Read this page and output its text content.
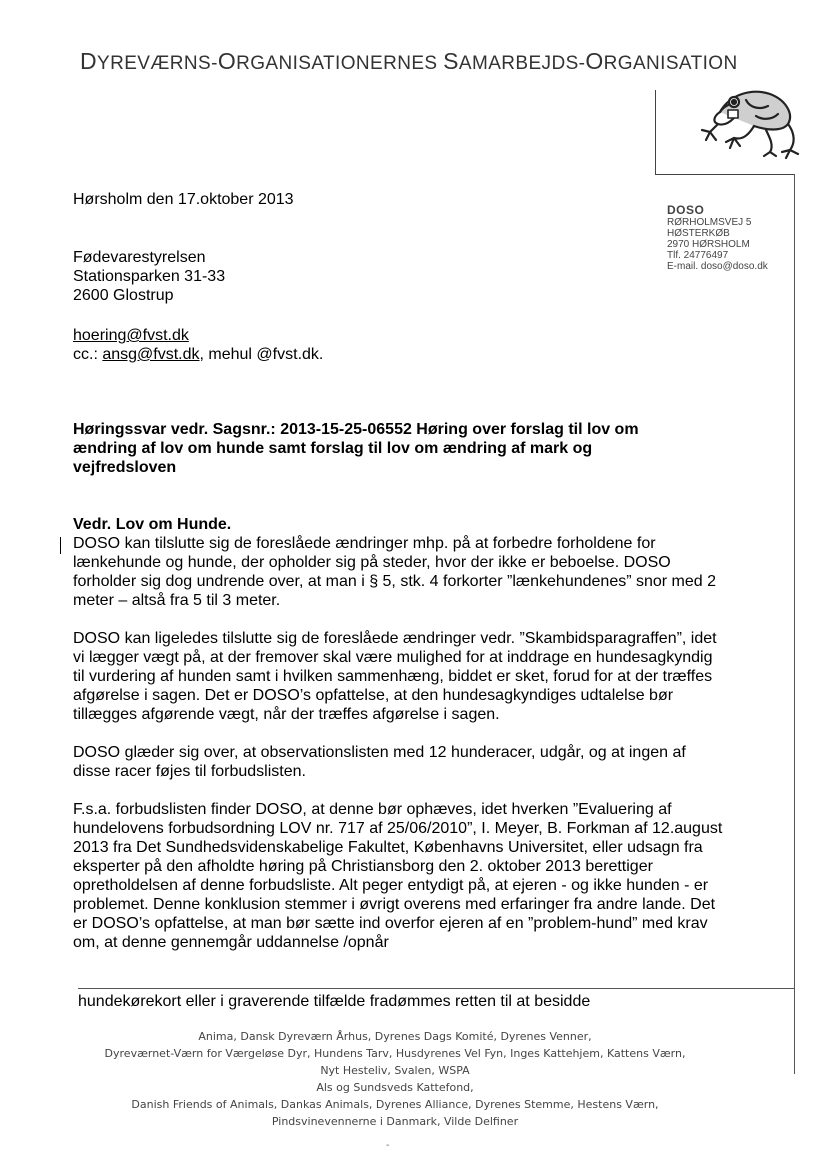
DYREVÆRNS-ORGANISATIONERNES SAMARBEJDS-ORGANISATION
DOSO
RØRHOLMSVEJ 5
HØSTERKØB
2970 HØRSHOLM
Tlf. 24776497
E-mail. doso@doso.dk
Hørsholm den 17.oktober 2013
Fødevarestyrelsen
Stationsparken 31-33
2600 Glostrup
hoering@fvst.dk
cc.: ansg@fvst.dk, mehul @fvst.dk.
Høringssvar vedr. Sagsnr.: 2013-15-25-06552 Høring over forslag til lov om ændring af lov om hunde samt forslag til lov om ændring af mark og vejfredsloven

Vedr. Lov om Hunde.

DOSO kan tilslutte sig de foreslåede ændringer mhp. på at forbedre forholdene for lænkehunde og hunde, der opholder sig på steder, hvor der ikke er beboelse. DOSO forholder sig dog undrende over, at man i § 5, stk. 4 forkorter ”lænkehundenes” snor med 2 meter – altså fra 5 til 3 meter.

DOSO kan ligeledes tilslutte sig de foreslåede ændringer vedr. ”Skambidsparagraffen”, idet vi lægger vægt på, at der fremover skal være mulighed for at inddrage en hundesagkyndig til vurdering af hunden samt i hvilken sammenhæng, biddet er sket, forud for at der træffes afgørelse i sagen. Det er DOSO’s opfattelse, at den hundesagkyndiges udtalelse bør tillægges afgørende vægt, når der træffes afgørelse i sagen.

DOSO glæder sig over, at observationslisten med 12 hunderacer, udgår, og at ingen af disse racer føjes til forbudslisten.

F.s.a. forbudslisten finder DOSO, at denne bør ophæves, idet hverken ”Evaluering af hundelovens forbudsordning LOV nr. 717 af 25/06/2010”, I. Meyer, B. Forkman af 12.august 2013 fra Det Sundhedsvidenskabelige Fakultet, Københavns Universitet, eller udsagn fra eksperter på den afholdte høring på Christiansborg den 2. oktober 2013 berettiger opretholdelsen af denne forbudsliste. Alt peger entydigt på, at ejeren - og ikke hunden - er problemet. Denne konklusion stemmer i øvrigt overens med erfaringer fra andre lande. Det er DOSO’s opfattelse, at man bør sætte ind overfor ejeren af en ”problem-hund” med krav om, at denne gennemgår uddannelse /opnår

hundekørekort eller i graverende tilfælde fradømmes retten til at besidde
Anima, Dansk Dyreværn Århus, Dyrenes Dags Komité, Dyrenes Venner,
Dyreværnet-Værn for Værgeløse Dyr, Hundens Tarv, Husdyrenes Vel Fyn, Inges Kattehjem, Kattens Værn,
Nyt Hesteliv, Svalen, WSPA
Als og Sundsveds Kattefond,
Danish Friends of Animals, Dankas Animals, Dyrenes Alliance, Dyrenes Stemme, Hestens Værn,
Pindsvinevennerne i Danmark, Vilde Delfiner
-
